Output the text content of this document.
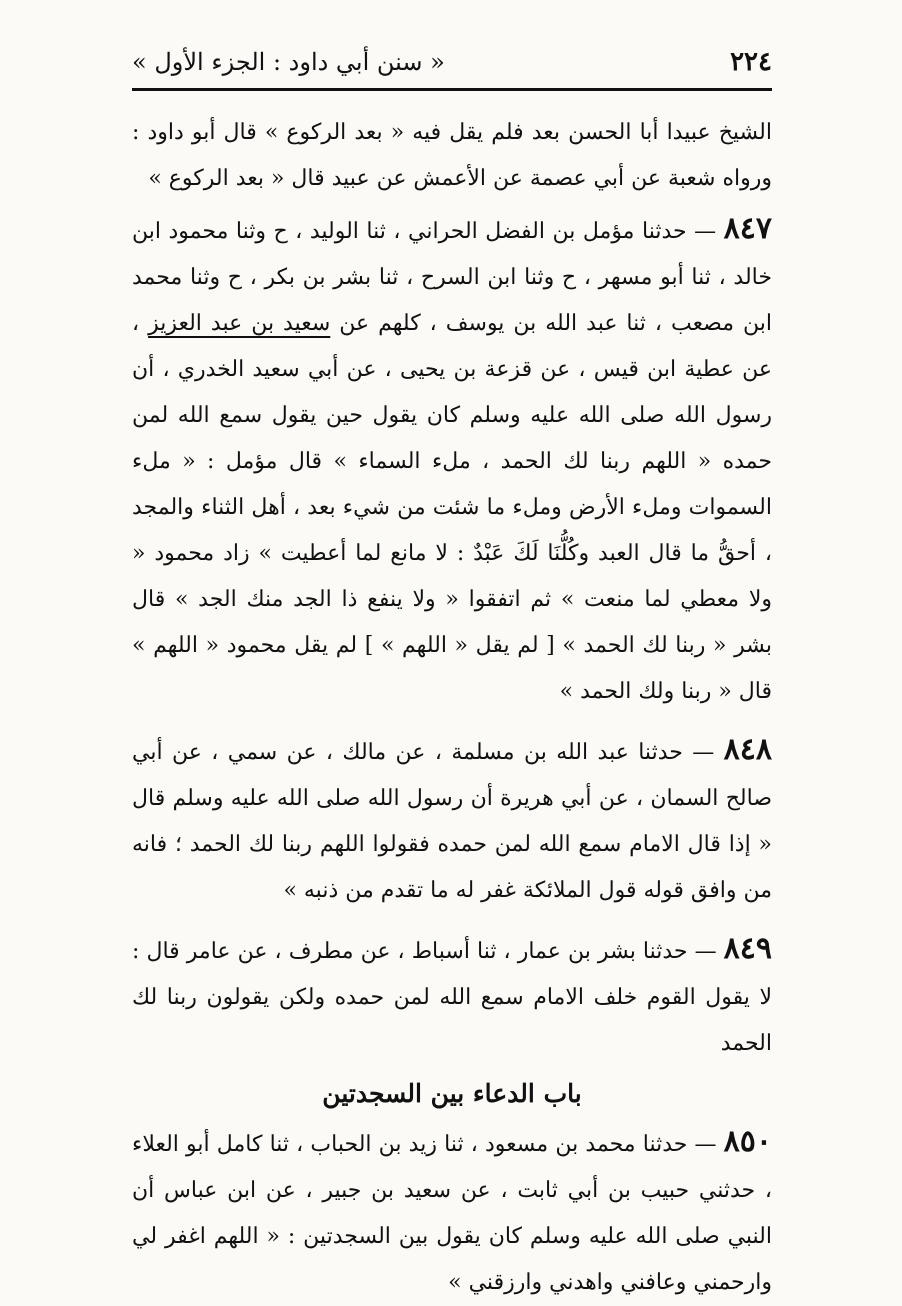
٢٢٤
« سنن أبي داود : الجزء الأول »

الشيخ عبيدا أبا الحسن بعد فلم يقل فيه « بعد الركوع » قال أبو داود : ورواه شعبة عن أبي عصمة عن الأعمش عن عبيد قال « بعد الركوع »

٨٤٧ — حدثنا مؤمل بن الفضل الحراني ، ثنا الوليد ، ح وثنا محمود ابن خالد ، ثنا أبو مسهر ، ح وثنا ابن السرح ، ثنا بشر بن بكر ، ح وثنا محمد ابن مصعب ، ثنا عبد الله بن يوسف ، كلهم عن سعيد بن عبد العزيز ، عن عطية ابن قيس ، عن قزعة بن يحيى ، عن أبي سعيد الخدري ، أن رسول الله صلى الله عليه وسلم كان يقول حين يقول سمع الله لمن حمده « اللهم ربنا لك الحمد ، ملء السماء » قال مؤمل : « ملء السموات وملء الأرض وملء ما شئت من شيء بعد ، أهل الثناء والمجد ، أحقُّ ما قال العبد وكُلُّنَا لَكَ عَبْدٌ : لا مانع لما أعطيت » زاد محمود « ولا معطي لما منعت » ثم اتفقوا « ولا ينفع ذا الجد منك الجد » قال بشر « ربنا لك الحمد » [ لم يقل « اللهم » ] لم يقل محمود « اللهم » قال « ربنا ولك الحمد »

٨٤٨ — حدثنا عبد الله بن مسلمة ، عن مالك ، عن سمي ، عن أبي صالح السمان ، عن أبي هريرة أن رسول الله صلى الله عليه وسلم قال « إذا قال الامام سمع الله لمن حمده فقولوا اللهم ربنا لك الحمد ؛ فانه من وافق قوله قول الملائكة غفر له ما تقدم من ذنبه »

٨٤٩ — حدثنا بشر بن عمار ، ثنا أسباط ، عن مطرف ، عن عامر قال : لا يقول القوم خلف الامام سمع الله لمن حمده ولكن يقولون ربنا لك الحمد

باب الدعاء بين السجدتين

٨٥٠ — حدثنا محمد بن مسعود ، ثنا زيد بن الحباب ، ثنا كامل أبو العلاء ، حدثني حبيب بن أبي ثابت ، عن سعيد بن جبير ، عن ابن عباس أن النبي صلى الله عليه وسلم كان يقول بين السجدتين : « اللهم اغفر لي وارحمني وعافني واهدني وارزقني »
